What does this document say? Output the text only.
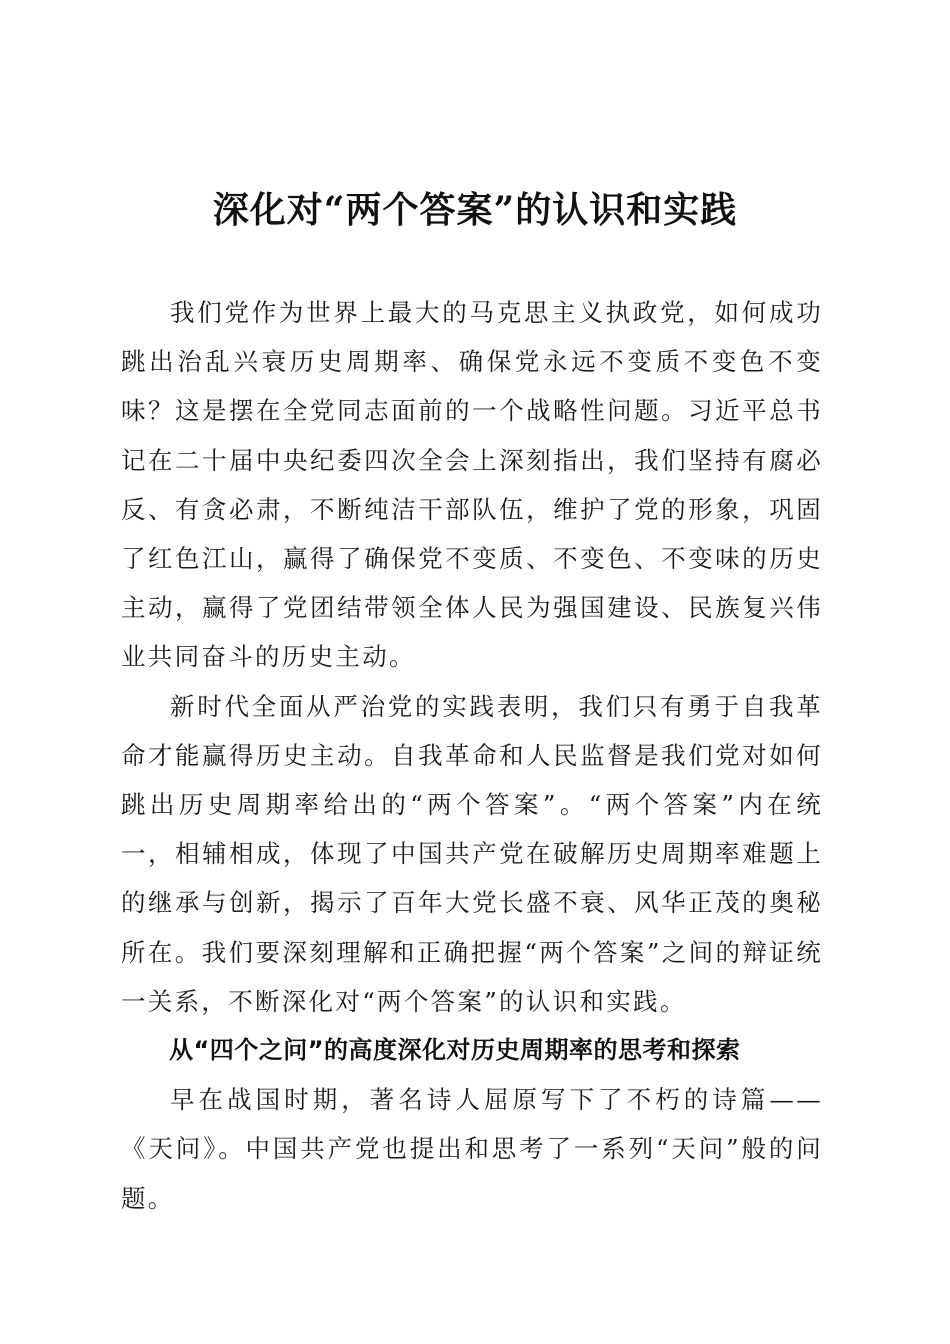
深化对“两个答案”的认识和实践

我们党作为世界上最大的马克思主义执政党，如何成功跳出治乱兴衰历史周期率、确保党永远不变质不变色不变味？这是摆在全党同志面前的一个战略性问题。习近平总书记在二十届中央纪委四次全会上深刻指出，我们坚持有腐必反、有贪必肃，不断纯洁干部队伍，维护了党的形象，巩固了红色江山，赢得了确保党不变质、不变色、不变味的历史主动，赢得了党团结带领全体人民为强国建设、民族复兴伟业共同奋斗的历史主动。

新时代全面从严治党的实践表明，我们只有勇于自我革命才能赢得历史主动。自我革命和人民监督是我们党对如何跳出历史周期率给出的“两个答案”。“两个答案”内在统一，相辅相成，体现了中国共产党在破解历史周期率难题上的继承与创新，揭示了百年大党长盛不衰、风华正茂的奥秘所在。我们要深刻理解和正确把握“两个答案”之间的辩证统一关系，不断深化对“两个答案”的认识和实践。

从“四个之问”的高度深化对历史周期率的思考和探索

早在战国时期，著名诗人屈原写下了不朽的诗篇——《天问》。中国共产党也提出和思考了一系列“天问”般的问题。
